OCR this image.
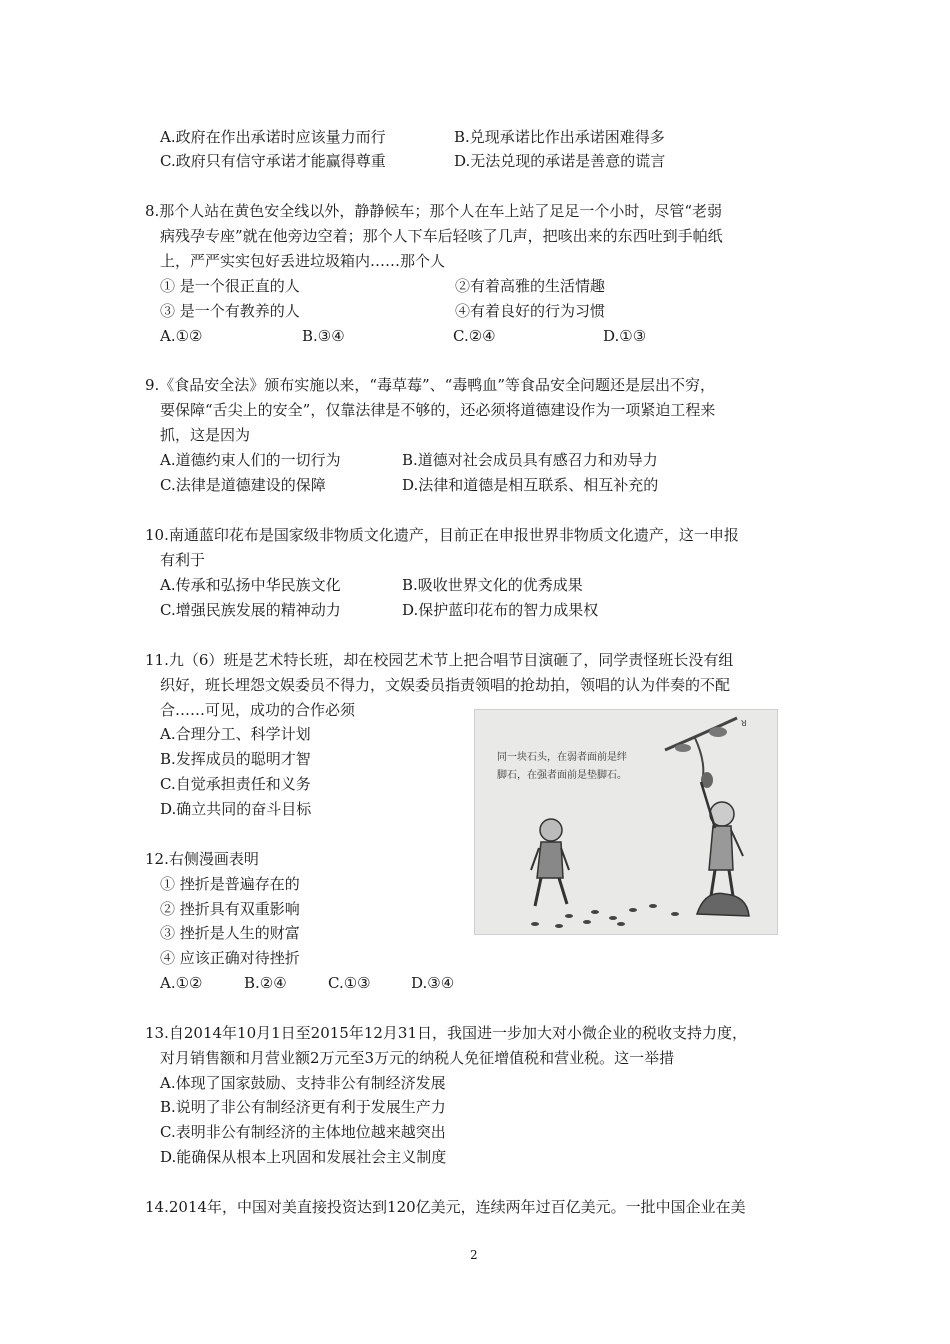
A.政府在作出承诺时应该量力而行	B.兑现承诺比作出承诺困难得多
C.政府只有信守承诺才能赢得尊重	D.无法兑现的承诺是善意的谎言
8.那个人站在黄色安全线以外，静静候车；那个人在车上站了足足一个小时，尽管“老弱
病残孕专座”就在他旁边空着；那个人下车后轻咳了几声，把咳出来的东西吐到手帕纸
上，严严实实包好丢进垃圾箱内……那个人
① 是一个很正直的人	②有着高雅的生活情趣
③ 是一个有教养的人	④有着良好的行为习惯
A.①②	B.③④	C.②④	D.①③
9.《食品安全法》颁布实施以来，“毒草莓”、“毒鸭血”等食品安全问题还是层出不穷，
要保障“舌尖上的安全”，仅靠法律是不够的，还必须将道德建设作为一项紧迫工程来
抓，这是因为
A.道德约束人们的一切行为	B.道德对社会成员具有感召力和劝导力
C.法律是道德建设的保障	D.法律和道德是相互联系、相互补充的
10.南通蓝印花布是国家级非物质文化遗产，目前正在申报世界非物质文化遗产，这一申报
有利于
A.传承和弘扬中华民族文化	B.吸收世界文化的优秀成果
C.增强民族发展的精神动力	D.保护蓝印花布的智力成果权
11.九（6）班是艺术特长班，却在校园艺术节上把合唱节目演砸了，同学责怪班长没有组
织好，班长埋怨文娱委员不得力，文娱委员指责领唱的抢劫拍，领唱的认为伴奏的不配
合……可见，成功的合作必须
A.合理分工、科学计划
B.发挥成员的聪明才智
C.自觉承担责任和义务
D.确立共同的奋斗目标
同一块石头，在弱者面前是绊
脚石，在强者面前是垫脚石。
ꓤ
12.右侧漫画表明
① 挫折是普遍存在的
② 挫折具有双重影响
③ 挫折是人生的财富
④ 应该正确对待挫折
A.①②	B.②④	C.①③	D.③④
13.自2014年10月1日至2015年12月31日，我国进一步加大对小微企业的税收支持力度，
对月销售额和月营业额2万元至3万元的纳税人免征增值税和营业税。这一举措
A.体现了国家鼓励、支持非公有制经济发展
B.说明了非公有制经济更有利于发展生产力
C.表明非公有制经济的主体地位越来越突出
D.能确保从根本上巩固和发展社会主义制度
14.2014年，中国对美直接投资达到120亿美元，连续两年过百亿美元。一批中国企业在美
2
